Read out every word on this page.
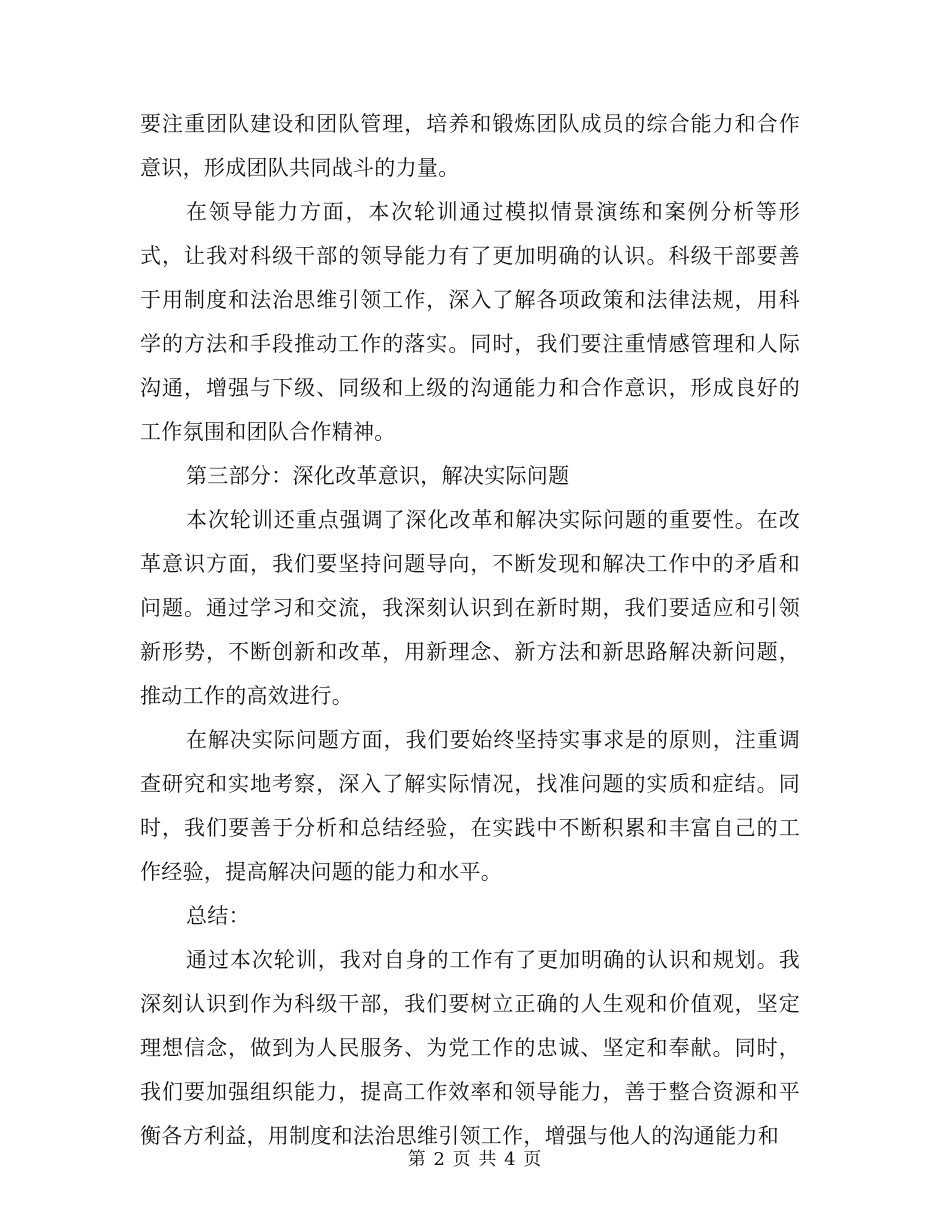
要注重团队建设和团队管理，培养和锻炼团队成员的综合能力和合作意识，形成团队共同战斗的力量。

在领导能力方面，本次轮训通过模拟情景演练和案例分析等形式，让我对科级干部的领导能力有了更加明确的认识。科级干部要善于用制度和法治思维引领工作，深入了解各项政策和法律法规，用科学的方法和手段推动工作的落实。同时，我们要注重情感管理和人际沟通，增强与下级、同级和上级的沟通能力和合作意识，形成良好的工作氛围和团队合作精神。

第三部分：深化改革意识，解决实际问题

本次轮训还重点强调了深化改革和解决实际问题的重要性。在改革意识方面，我们要坚持问题导向，不断发现和解决工作中的矛盾和问题。通过学习和交流，我深刻认识到在新时期，我们要适应和引领新形势，不断创新和改革，用新理念、新方法和新思路解决新问题，推动工作的高效进行。

在解决实际问题方面，我们要始终坚持实事求是的原则，注重调查研究和实地考察，深入了解实际情况，找准问题的实质和症结。同时，我们要善于分析和总结经验，在实践中不断积累和丰富自己的工作经验，提高解决问题的能力和水平。

总结：

通过本次轮训，我对自身的工作有了更加明确的认识和规划。我深刻认识到作为科级干部，我们要树立正确的人生观和价值观，坚定理想信念，做到为人民服务、为党工作的忠诚、坚定和奉献。同时，我们要加强组织能力，提高工作效率和领导能力，善于整合资源和平衡各方利益，用制度和法治思维引领工作，增强与他人的沟通能力和

第 2 页 共 4 页
